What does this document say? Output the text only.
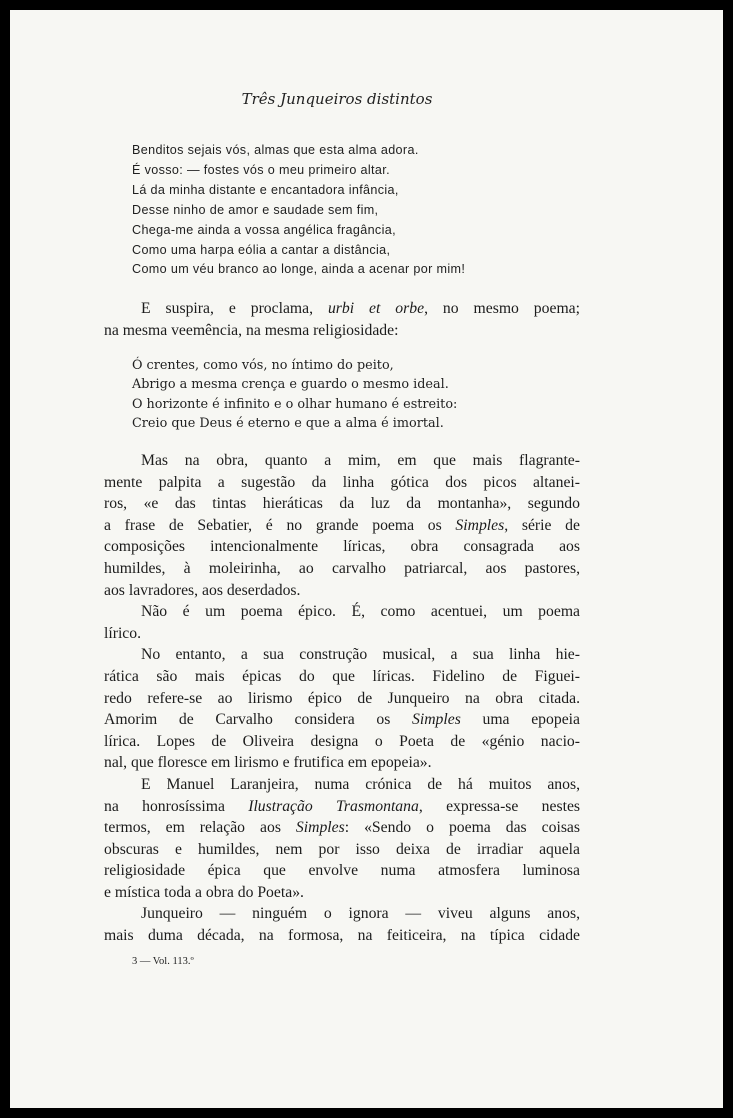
Três Junqueiros distintos
Benditos sejais vós, almas que esta alma adora.
É vosso: — fostes vós o meu primeiro altar.
Lá da minha distante e encantadora infância,
Desse ninho de amor e saudade sem fim,
Chega-me ainda a vossa angélica fragância,
Como uma harpa eólia a cantar a distância,
Como um véu branco ao longe, ainda a acenar por mim!

E suspira, e proclama, urbi et orbe, no mesmo poema;
na mesma veemência, na mesma religiosidade:

Ó crentes, como vós, no íntimo do peito,
Abrigo a mesma crença e guardo o mesmo ideal.
O horizonte é infinito e o olhar humano é estreito:
Creio que Deus é eterno e que a alma é imortal.

Mas na obra, quanto a mim, em que mais flagrante-
mente palpita a sugestão da linha gótica dos picos altanei-
ros, «e das tintas hieráticas da luz da montanha», segundo
a frase de Sebatier, é no grande poema os Simples, série de
composições intencionalmente líricas, obra consagrada aos
humildes, à moleirinha, ao carvalho patriarcal, aos pastores,
aos lavradores, aos deserdados.
Não é um poema épico. É, como acentuei, um poema
lírico.
No entanto, a sua construção musical, a sua linha hie-
rática são mais épicas do que líricas. Fidelino de Figuei-
redo refere-se ao lirismo épico de Junqueiro na obra citada.
Amorim de Carvalho considera os Simples uma epopeia
lírica. Lopes de Oliveira designa o Poeta de «génio nacio-
nal, que floresce em lirismo e frutifica em epopeia».
E Manuel Laranjeira, numa crónica de há muitos anos,
na honrosíssima Ilustração Trasmontana, expressa-se nestes
termos, em relação aos Simples: «Sendo o poema das coisas
obscuras e humildes, nem por isso deixa de irradiar aquela
religiosidade épica que envolve numa atmosfera luminosa
e mística toda a obra do Poeta».
Junqueiro — ninguém o ignora — viveu alguns anos,
mais duma década, na formosa, na feiticeira, na típica cidade

3 — Vol. 113.º
